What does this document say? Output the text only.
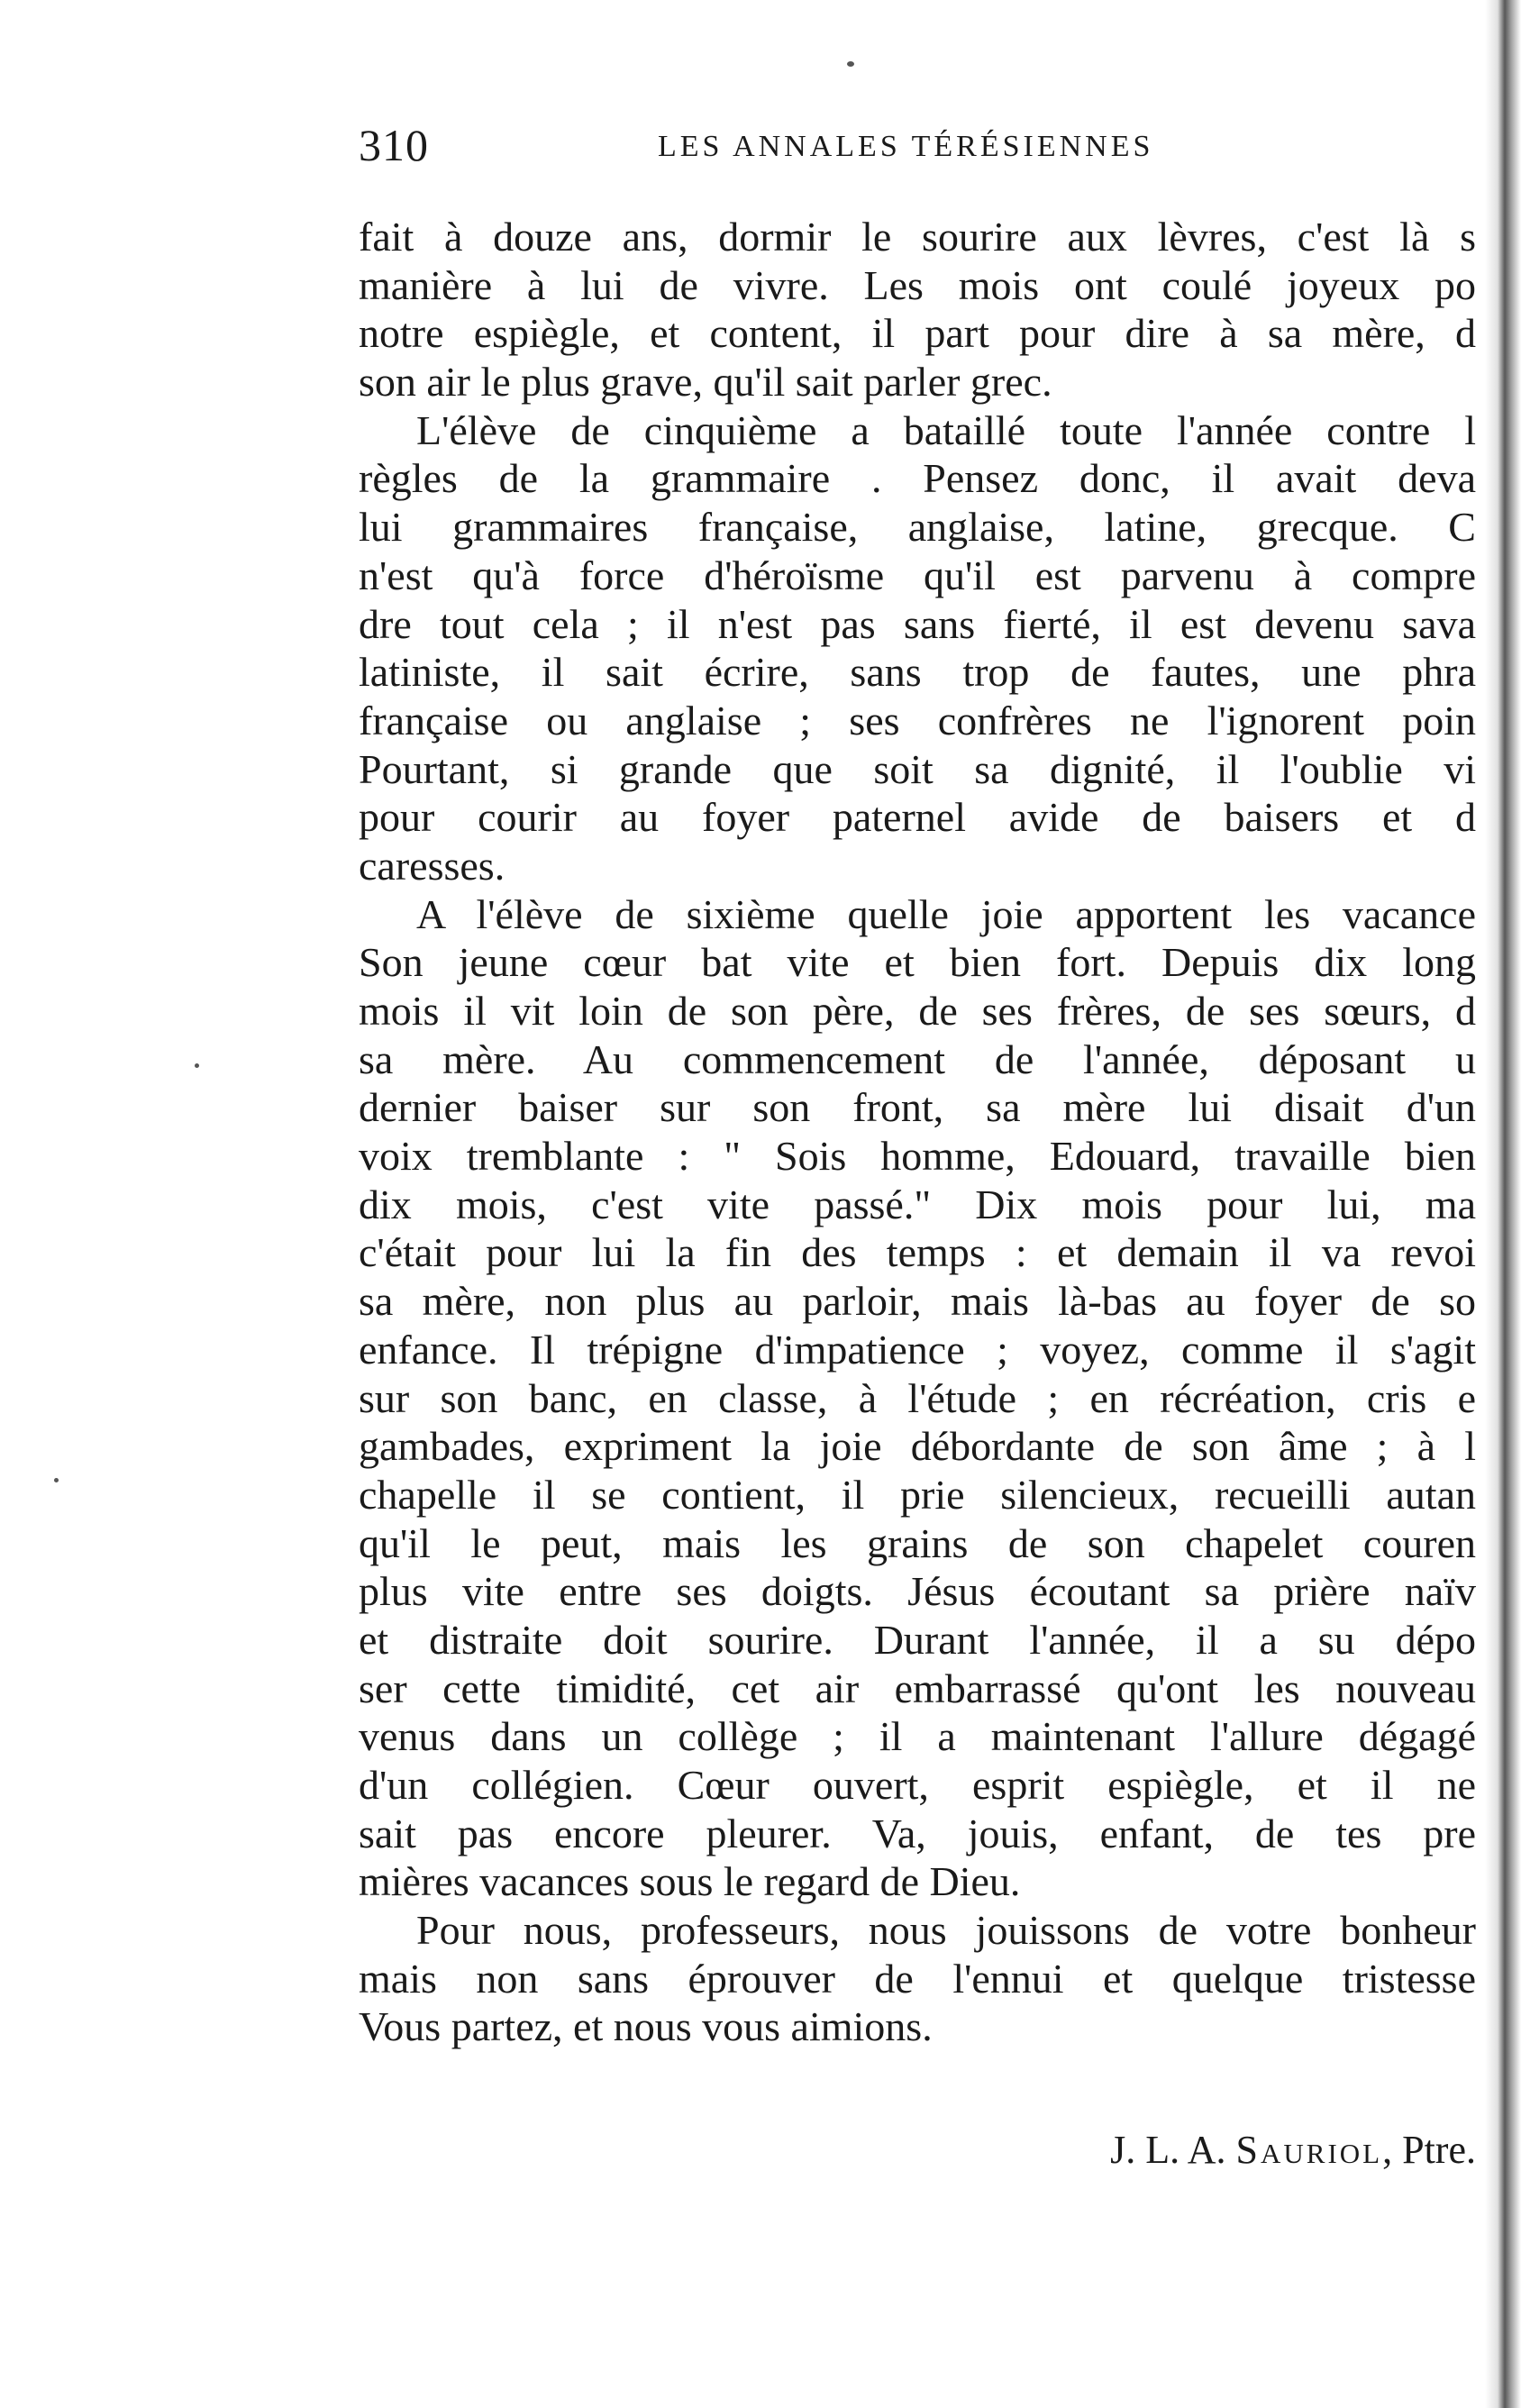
310	LES ANNALES TÉRÉSIENNES
fait à douze ans, dormir le sourire aux lèvres, c'est là s
manière à lui de vivre. Les mois ont coulé joyeux po
notre espiègle, et content, il part pour dire à sa mère, d
son air le plus grave, qu'il sait parler grec.
L'élève de cinquième a bataillé toute l'année contre l
règles de la grammaire . Pensez donc, il avait deva
lui grammaires française, anglaise, latine, grecque. C
n'est qu'à force d'héroïsme qu'il est parvenu à compre
dre tout cela ; il n'est pas sans fierté, il est devenu sava
latiniste, il sait écrire, sans trop de fautes, une phra
française ou anglaise ; ses confrères ne l'ignorent poin
Pourtant, si grande que soit sa dignité, il l'oublie vi
pour courir au foyer paternel avide de baisers et d
caresses.
A l'élève de sixième quelle joie apportent les vacance
Son jeune cœur bat vite et bien fort. Depuis dix long
mois il vit loin de son père, de ses frères, de ses sœurs, d
sa mère. Au commencement de l'année, déposant u
dernier baiser sur son front, sa mère lui disait d'un
voix tremblante : " Sois homme, Edouard, travaille bien
dix mois, c'est vite passé." Dix mois pour lui, ma
c'était pour lui la fin des temps : et demain il va revoi
sa mère, non plus au parloir, mais là-bas au foyer de so
enfance. Il trépigne d'impatience ; voyez, comme il s'agit
sur son banc, en classe, à l'étude ; en récréation, cris e
gambades, expriment la joie débordante de son âme ; à l
chapelle il se contient, il prie silencieux, recueilli autan
qu'il le peut, mais les grains de son chapelet couren
plus vite entre ses doigts. Jésus écoutant sa prière naïv
et distraite doit sourire. Durant l'année, il a su dépo
ser cette timidité, cet air embarrassé qu'ont les nouveau
venus dans un collège ; il a maintenant l'allure dégagé
d'un collégien. Cœur ouvert, esprit espiègle, et il ne
sait pas encore pleurer. Va, jouis, enfant, de tes pre
mières vacances sous le regard de Dieu.
Pour nous, professeurs, nous jouissons de votre bonheur
mais non sans éprouver de l'ennui et quelque tristesse
Vous partez, et nous vous aimions.
J. L. A. Sauriol, Ptre.
